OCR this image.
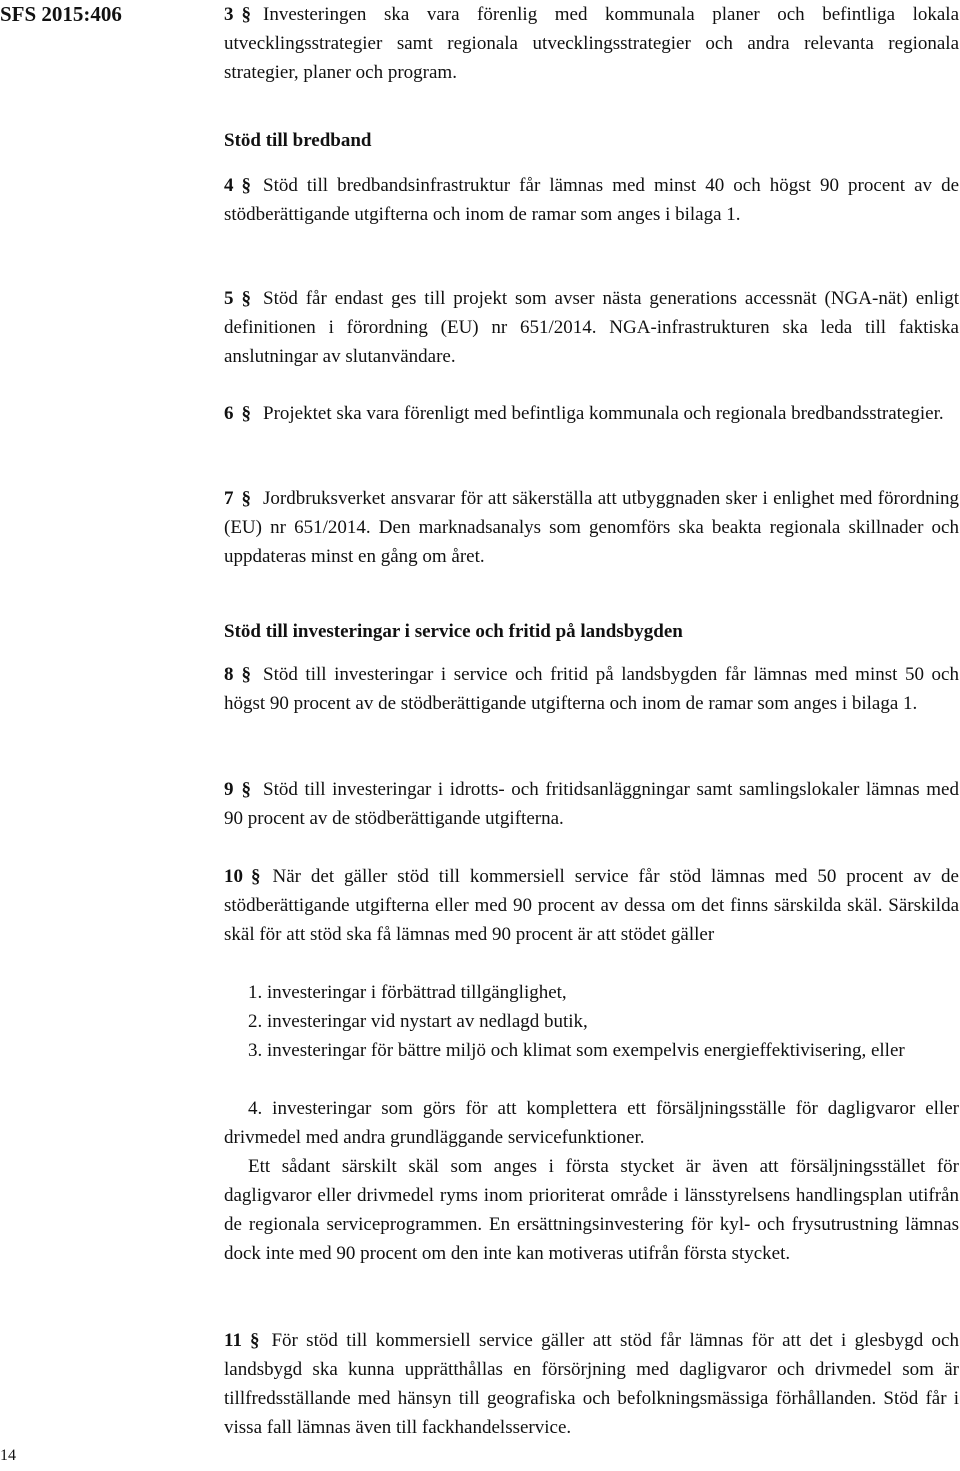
SFS 2015:406
14

3 § Investeringen ska vara förenlig med kommunala planer och befintliga lokala utvecklingsstrategier samt regionala utvecklingsstrategier och andra relevanta regionala strategier, planer och program.

Stöd till bredband

4 § Stöd till bredbandsinfrastruktur får lämnas med minst 40 och högst 90 procent av de stödberättigande utgifterna och inom de ramar som anges i bilaga 1.

5 § Stöd får endast ges till projekt som avser nästa generations accessnät (NGA-nät) enligt definitionen i förordning (EU) nr 651/2014. NGA-infrastrukturen ska leda till faktiska anslutningar av slutanvändare.

6 § Projektet ska vara förenligt med befintliga kommunala och regionala bredbandsstrategier.

7 § Jordbruksverket ansvarar för att säkerställa att utbyggnaden sker i enlighet med förordning (EU) nr 651/2014. Den marknadsanalys som genomförs ska beakta regionala skillnader och uppdateras minst en gång om året.

Stöd till investeringar i service och fritid på landsbygden

8 § Stöd till investeringar i service och fritid på landsbygden får lämnas med minst 50 och högst 90 procent av de stödberättigande utgifterna och inom de ramar som anges i bilaga 1.

9 § Stöd till investeringar i idrotts- och fritidsanläggningar samt samlingslokaler lämnas med 90 procent av de stödberättigande utgifterna.

10 § När det gäller stöd till kommersiell service får stöd lämnas med 50 procent av de stödberättigande utgifterna eller med 90 procent av dessa om det finns särskilda skäl. Särskilda skäl för att stöd ska få lämnas med 90 procent är att stödet gäller

1. investeringar i förbättrad tillgänglighet,
2. investeringar vid nystart av nedlagd butik,
3. investeringar för bättre miljö och klimat som exempelvis energieffektivisering, eller
4. investeringar som görs för att komplettera ett försäljningsställe för dagligvaror eller drivmedel med andra grundläggande servicefunktioner.
Ett sådant särskilt skäl som anges i första stycket är även att försäljningsstället för dagligvaror eller drivmedel ryms inom prioriterat område i länsstyrelsens handlingsplan utifrån de regionala serviceprogrammen. En ersättningsinvestering för kyl- och frysutrustning lämnas dock inte med 90 procent om den inte kan motiveras utifrån första stycket.

11 § För stöd till kommersiell service gäller att stöd får lämnas för att det i glesbygd och landsbygd ska kunna upprätthållas en försörjning med dagligvaror och drivmedel som är tillfredsställande med hänsyn till geografiska och befolkningsmässiga förhållanden. Stöd får i vissa fall lämnas även till fackhandelsservice.
